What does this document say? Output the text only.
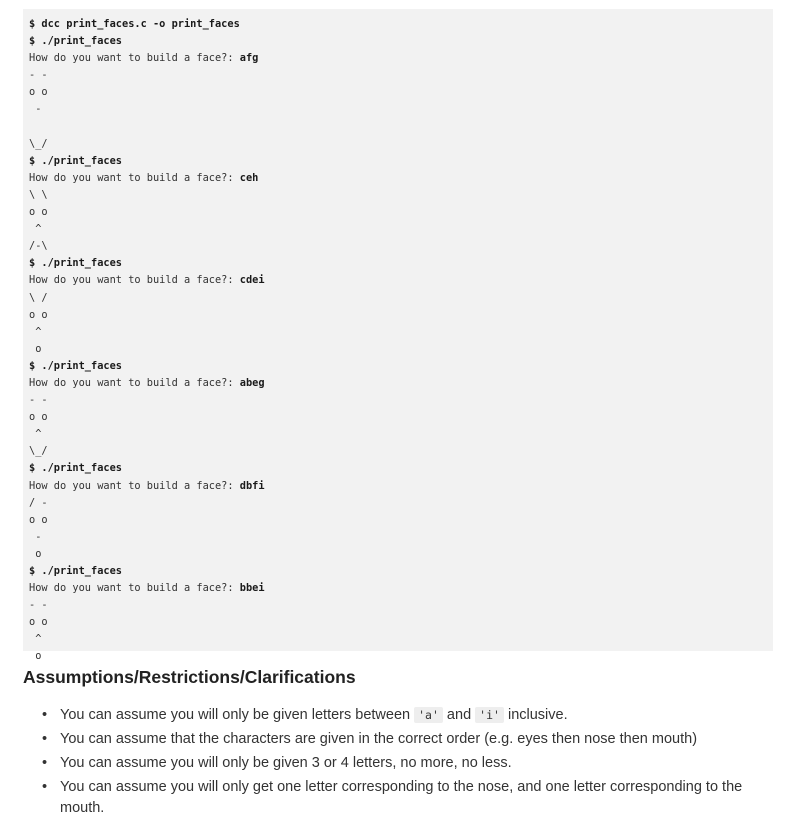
$ dcc print_faces.c -o print_faces
$ ./print_faces
How do you want to build a face?: afg
- -
o o
-
\_/
$ ./print_faces
How do you want to build a face?: ceh
\ \
o o
^
/-\
$ ./print_faces
How do you want to build a face?: cdei
\ /
o o
^
o
$ ./print_faces
How do you want to build a face?: abeg
- -
o o
^
\_/
$ ./print_faces
How do you want to build a face?: dbfi
/ -
o o
-
o
$ ./print_faces
How do you want to build a face?: bbei
- -
o o
^
o
Assumptions/Restrictions/Clarifications
• You can assume you will only be given letters between 'a' and 'i' inclusive.
• You can assume that the characters are given in the correct order (e.g. eyes then nose then mouth)
• You can assume you will only be given 3 or 4 letters, no more, no less.
• You can assume you will only get one letter corresponding to the nose, and one letter corresponding to the mouth.
